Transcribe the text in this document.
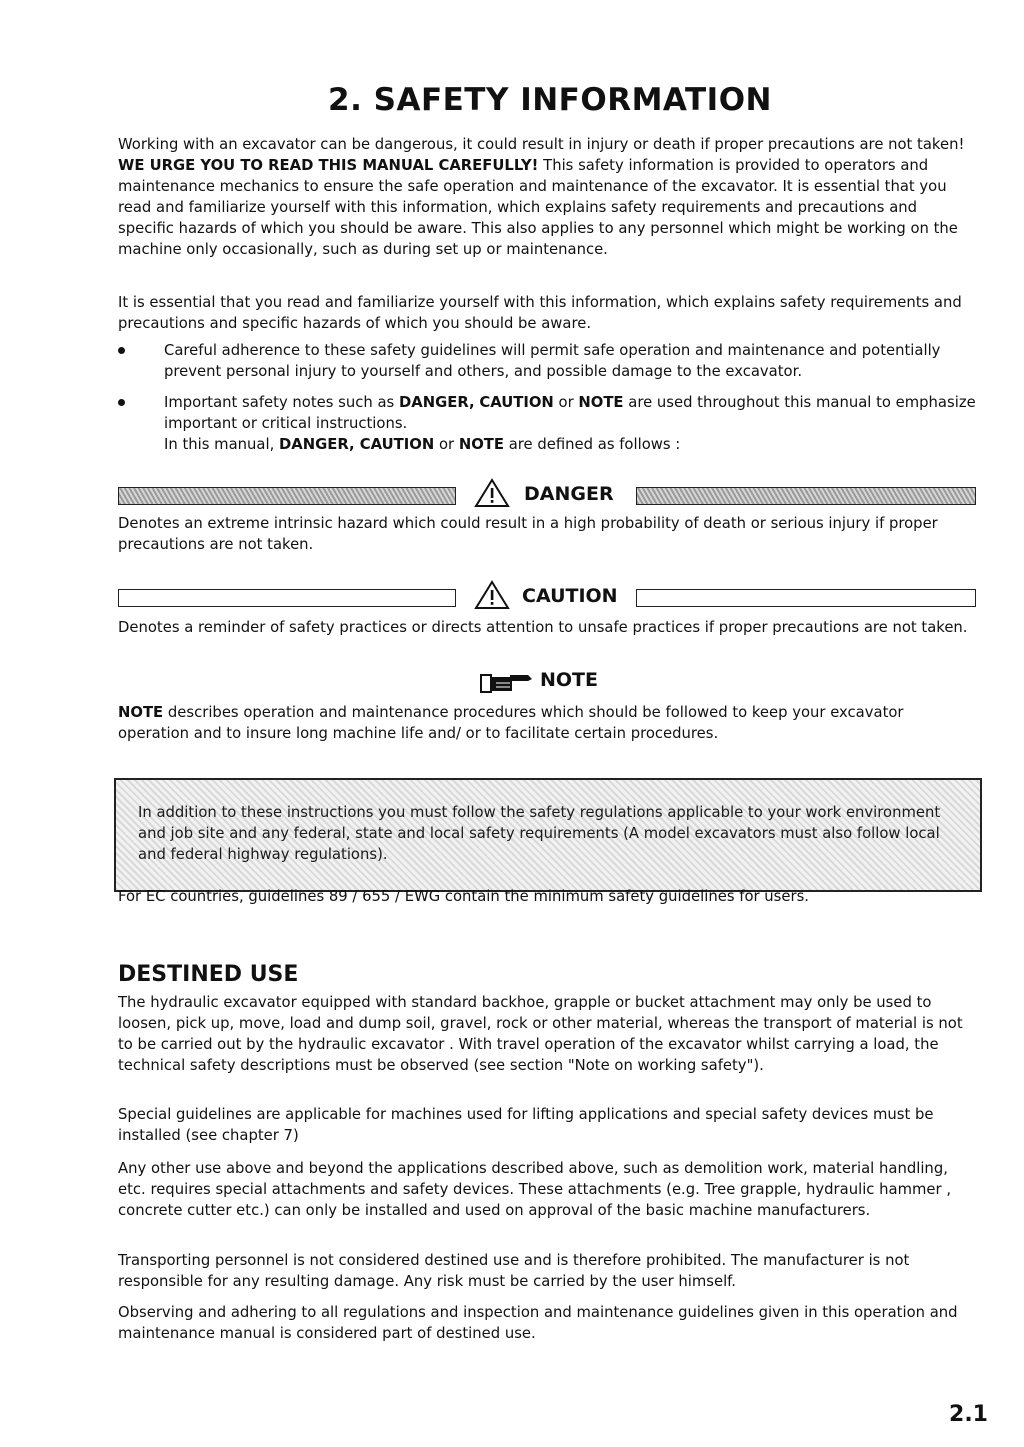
2. SAFETY INFORMATION

Working with an excavator can be dangerous, it could result in injury or death if proper precautions are not taken! WE URGE YOU TO READ THIS MANUAL CAREFULLY! This safety information is provided to operators and maintenance mechanics to ensure the safe operation and maintenance of the excavator. It is essential that you read and familiarize yourself with this information, which explains safety requirements and precautions and specific hazards of which you should be aware. This also applies to any personnel which might be working on the machine only occasionally, such as during set up or maintenance.

It is essential that you read and familiarize yourself with this information, which explains safety requirements and precautions and specific hazards of which you should be aware.

Careful adherence to these safety guidelines will permit safe operation and maintenance and potentially prevent personal injury to yourself and others, and possible damage to the excavator.
Important safety notes such as DANGER, CAUTION or NOTE are used throughout this manual to emphasize important or critical instructions.
In this manual, DANGER, CAUTION or NOTE are defined as follows :
DANGER

Denotes an extreme intrinsic hazard which could result in a high probability of death or serious injury if proper precautions are not taken.

CAUTION

Denotes a reminder of safety practices or directs attention to unsafe practices if proper precautions are not taken.

NOTE

NOTE describes operation and maintenance procedures which should be followed to keep your excavator operation and to insure long machine life and/ or to facilitate certain procedures.

In addition to these instructions you must follow the safety regulations applicable to your work environment and job site and any federal, state and local safety requirements (A model excavators must also follow local and federal highway regulations).

For EC countries, guidelines 89 / 655 / EWG contain the minimum safety guidelines for users.

DESTINED USE

The hydraulic excavator equipped with standard backhoe, grapple or bucket attachment may only be used to loosen, pick up, move, load and dump soil, gravel, rock or other material, whereas the transport of material is not to be carried out by the hydraulic excavator . With travel operation of the excavator whilst carrying a load, the technical safety descriptions must be observed (see section "Note on working safety").

Special guidelines are applicable for machines used for lifting applications and special safety devices must be installed (see chapter 7)

Any other use above and beyond the applications described above, such as demolition work, material handling, etc. requires special attachments and safety devices. These attachments (e.g. Tree grapple, hydraulic hammer , concrete cutter etc.) can only be installed and used on approval of the basic machine manufacturers.

Transporting personnel is not considered destined use and is therefore prohibited. The manufacturer is not responsible for any resulting damage. Any risk must be carried by the user himself.

Observing and adhering to all regulations and inspection and maintenance guidelines given in this operation and maintenance manual is considered part of destined use.

2.1
